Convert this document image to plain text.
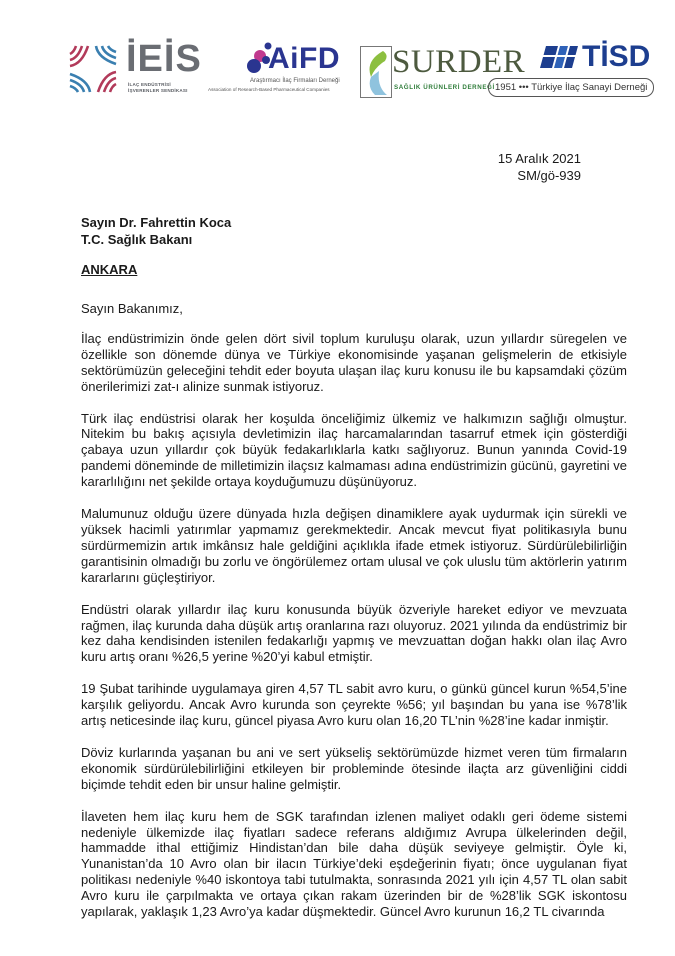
İEİS
İLAÇ ENDÜSTRİSİ
İŞVERENLER SENDİKASI
AiFD
Araştırmacı İlaç Firmaları Derneği
Association of Research-Based Pharmaceutical Companies
SURDER
SAĞLIK ÜRÜNLERİ DERNEĞİ
TİSD
1951 ••• Türkiye İlaç Sanayi Derneği
15 Aralık 2021
SM/gö-939
Sayın Dr. Fahrettin Koca
T.C. Sağlık Bakanı
ANKARA

Sayın Bakanımız,

İlaç endüstrimizin önde gelen dört sivil toplum kuruluşu olarak, uzun yıllardır süregelen ve özellikle son dönemde dünya ve Türkiye ekonomisinde yaşanan gelişmelerin de etkisiyle sektörümüzün geleceğini tehdit eder boyuta ulaşan ilaç kuru konusu ile bu kapsamdaki çözüm önerilerimizi zat-ı alinize sunmak istiyoruz.

Türk ilaç endüstrisi olarak her koşulda önceliğimiz ülkemiz ve halkımızın sağlığı olmuştur. Nitekim bu bakış açısıyla devletimizin ilaç harcamalarından tasarruf etmek için gösterdiği çabaya uzun yıllardır çok büyük fedakarlıklarla katkı sağlıyoruz. Bunun yanında Covid-19 pandemi döneminde de milletimizin ilaçsız kalmaması adına endüstrimizin gücünü, gayretini ve kararlılığını net şekilde ortaya koyduğumuzu düşünüyoruz.

Malumunuz olduğu üzere dünyada hızla değişen dinamiklere ayak uydurmak için sürekli ve yüksek hacimli yatırımlar yapmamız gerekmektedir. Ancak mevcut fiyat politikasıyla bunu sürdürmemizin artık imkânsız hale geldiğini açıklıkla ifade etmek istiyoruz. Sürdürülebilirliğin garantisinin olmadığı bu zorlu ve öngörülemez ortam ulusal ve çok uluslu tüm aktörlerin yatırım kararlarını güçleştiriyor.

Endüstri olarak yıllardır ilaç kuru konusunda büyük özveriyle hareket ediyor ve mevzuata rağmen, ilaç kurunda daha düşük artış oranlarına razı oluyoruz. 2021 yılında da endüstrimiz bir kez daha kendisinden istenilen fedakarlığı yapmış ve mevzuattan doğan hakkı olan ilaç Avro kuru artış oranı %26,5 yerine %20’yi kabul etmiştir.

19 Şubat tarihinde uygulamaya giren 4,57 TL sabit avro kuru, o günkü güncel kurun %54,5’ine karşılık geliyordu. Ancak Avro kurunda son çeyrekte %56; yıl başından bu yana ise %78’lik artış neticesinde ilaç kuru, güncel piyasa Avro kuru olan 16,20 TL’nin %28’ine kadar inmiştir.

Döviz kurlarında yaşanan bu ani ve sert yükseliş sektörümüzde hizmet veren tüm firmaların ekonomik sürdürülebilirliğini etkileyen bir probleminde ötesinde ilaçta arz güvenliğini ciddi biçimde tehdit eden bir unsur haline gelmiştir.

İlaveten hem ilaç kuru hem de SGK tarafından izlenen maliyet odaklı geri ödeme sistemi nedeniyle ülkemizde ilaç fiyatları sadece referans aldığımız Avrupa ülkelerinden değil, hammadde ithal ettiğimiz Hindistan’dan bile daha düşük seviyeye gelmiştir. Öyle ki, Yunanistan’da 10 Avro olan bir ilacın Türkiye’deki eşdeğerinin fiyatı; önce uygulanan fiyat politikası nedeniyle %40 iskontoya tabi tutulmakta, sonrasında 2021 yılı için 4,57 TL olan sabit Avro kuru ile çarpılmakta ve ortaya çıkan rakam üzerinden bir de %28’lik SGK iskontosu yapılarak, yaklaşık 1,23 Avro’ya kadar düşmektedir. Güncel Avro kurunun 16,2 TL civarında
